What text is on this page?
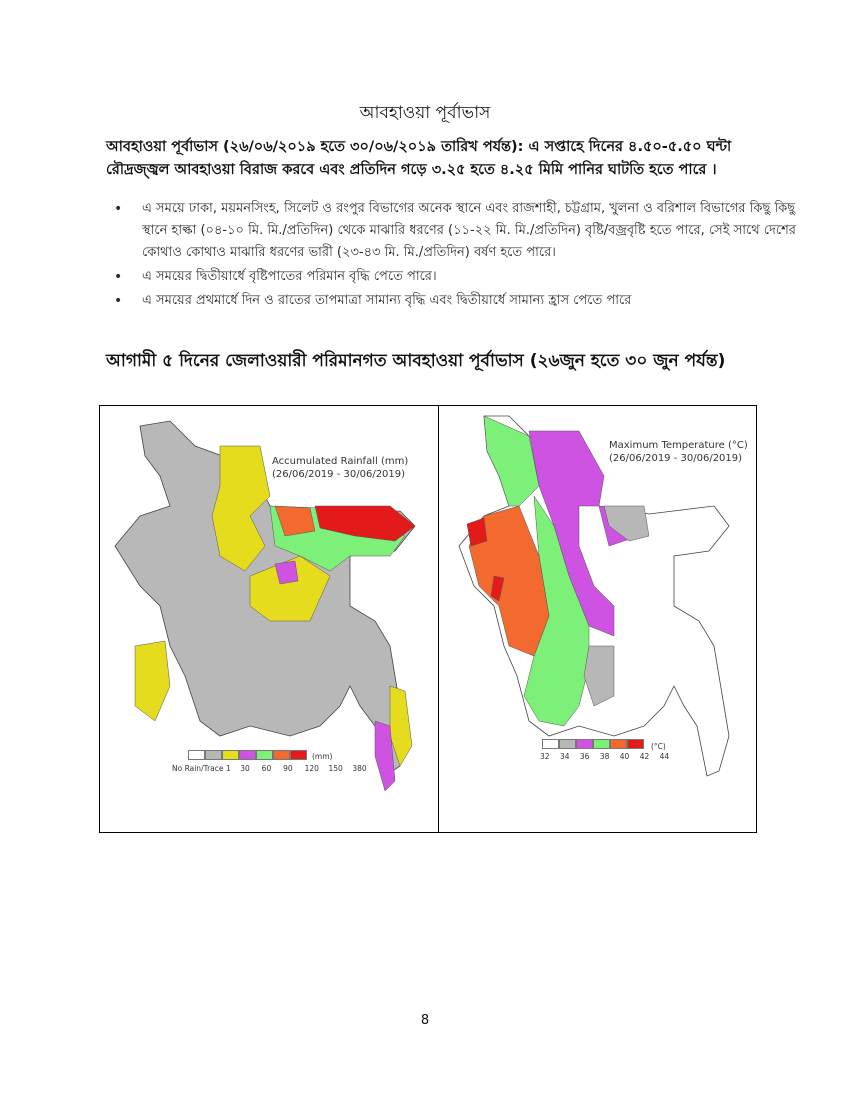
আবহাওয়া পূর্বাভাস
আবহাওয়া পূর্বাভাস (২৬/০৬/২০১৯ হতে ৩০/০৬/২০১৯ তারিখ পর্যন্ত): এ সপ্তাহে দিনের ৪.৫০-৫.৫০ ঘন্টা রৌদ্রজ্জ্বল আবহাওয়া বিরাজ করবে এবং প্রতিদিন গড়ে ৩.২৫ হতে ৪.২৫ মিমি পানির ঘাটতি হতে পারে ।
• এ সময়ে ঢাকা, ময়মনসিংহ, সিলেট ও রংপুর বিভাগের অনেক স্থানে এবং রাজশাহী, চট্টগ্রাম, খুলনা ও বরিশাল বিভাগের কিছু কিছু স্থানে হাল্কা (০৪-১০ মি. মি./প্রতিদিন) থেকে মাঝারি ধরণের (১১-২২ মি. মি./প্রতিদিন) বৃষ্টি/বজ্রবৃষ্টি হতে পারে, সেই সাথে দেশের কোথাও কোথাও মাঝারি ধরণের ভারী (২৩-৪৩ মি. মি./প্রতিদিন) বর্ষণ হতে পারে।
• এ সময়ের দ্বিতীয়ার্ধে বৃষ্টিপাতের পরিমান বৃদ্ধি পেতে পারে।
• এ সময়ের প্রথমার্ধে দিন ও রাতের তাপমাত্রা সামান্য বৃদ্ধি এবং দ্বিতীয়ার্ধে সামান্য হ্রাস পেতে পারে
আগামী ৫ দিনের জেলাওয়ারী পরিমানগত আবহাওয়া পূর্বাভাস (২৬জুন হতে ৩০ জুন পর্যন্ত)
Accumulated Rainfall (mm)
(26/06/2019 - 30/06/2019)
No Rain/Trace 1 30 60 90 120 150 380
(mm)
Maximum Temperature (°C)
(26/06/2019 - 30/06/2019)
32 34 36 38 40 42 44
(°C)
8
